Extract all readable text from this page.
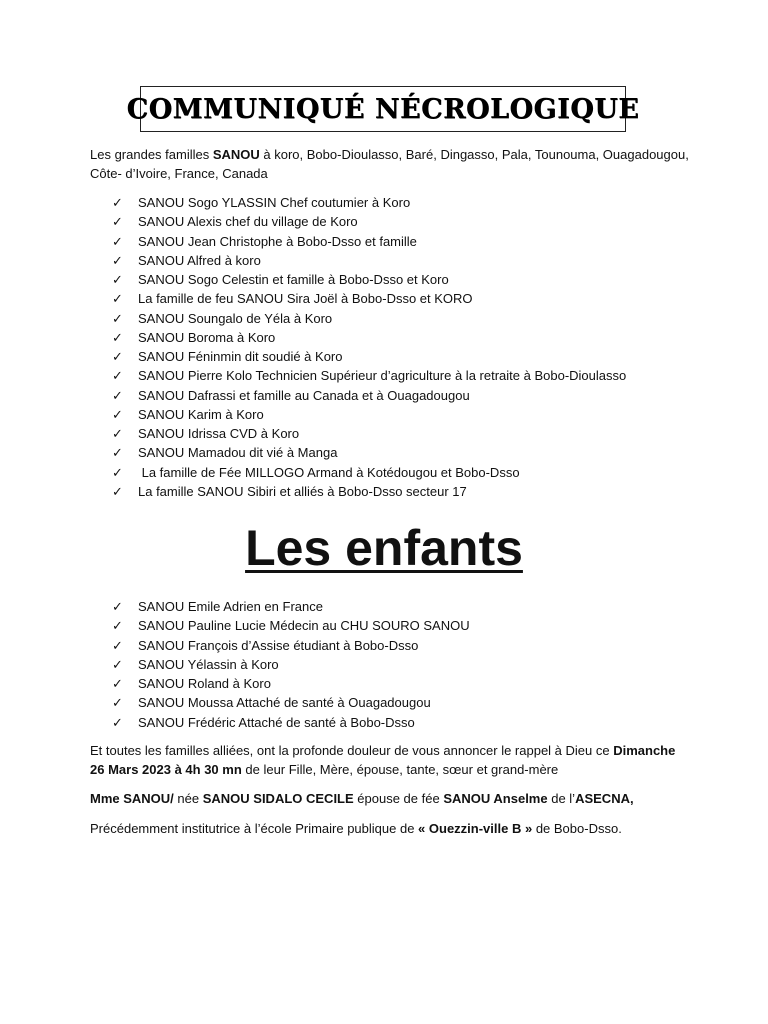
COMMUNIQUÉ NÉCROLOGIQUE

Les grandes familles SANOU à koro, Bobo-Dioulasso, Baré, Dingasso, Pala, Tounouma, Ouagadougou, Côte- d’Ivoire, France, Canada

✓	SANOU Sogo YLASSIN Chef coutumier à Koro
✓	SANOU Alexis chef du village de Koro
✓	SANOU Jean Christophe à Bobo-Dsso et famille
✓	SANOU Alfred à koro
✓	SANOU Sogo Celestin et famille à Bobo-Dsso et Koro
✓	La famille de feu SANOU Sira Joël à Bobo-Dsso et KORO
✓	SANOU Soungalo de Yéla à Koro
✓	SANOU Boroma à Koro
✓	SANOU Féninmin dit soudié à Koro
✓	SANOU Pierre Kolo Technicien Supérieur d’agriculture à la retraite à Bobo-Dioulasso
✓	SANOU Dafrassi et famille au Canada et à Ouagadougou
✓	SANOU Karim à Koro
✓	SANOU Idrissa CVD à Koro
✓	SANOU Mamadou dit vié à Manga
✓	La famille de Fée MILLOGO Armand à Kotédougou et Bobo-Dsso
✓	La famille SANOU Sibiri et alliés à Bobo-Dsso secteur 17
Les enfants
✓	SANOU Emile Adrien en France
✓	SANOU Pauline Lucie Médecin au CHU SOURO SANOU
✓	SANOU François d’Assise étudiant à Bobo-Dsso
✓	SANOU Yélassin à Koro
✓	SANOU Roland à Koro
✓	SANOU Moussa Attaché de santé à Ouagadougou
✓	SANOU Frédéric Attaché de santé à Bobo-Dsso

Et toutes les familles alliées, ont la profonde douleur de vous annoncer le rappel à Dieu ce Dimanche 26 Mars 2023 à 4h 30 mn de leur Fille, Mère, épouse, tante, sœur et grand-mère

Mme SANOU/ née SANOU SIDALO CECILE épouse de fée SANOU Anselme de l’ASECNA,

Précédemment institutrice à l’école Primaire publique de « Ouezzin-ville B » de Bobo-Dsso.
